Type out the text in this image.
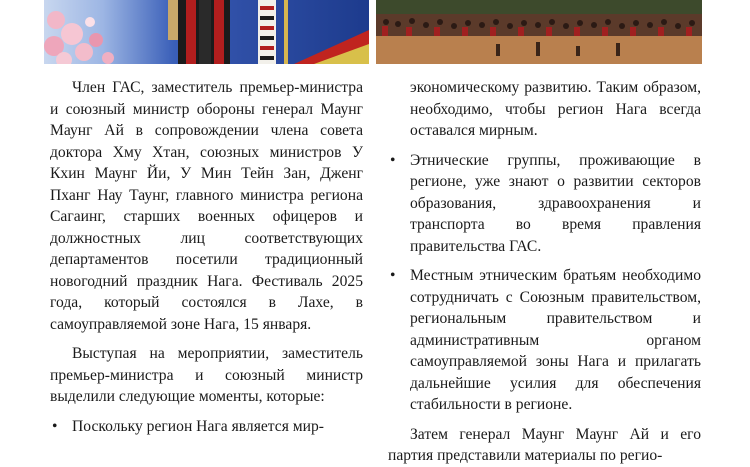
Член ГАС, заместитель премьер-министра и союзный министр обороны генерал Маунг Маунг Ай в сопровождении члена совета доктора Хму Хтан, союзных министров У Кхин Маунг Йи, У Мин Тейн Зан, Дженг Пханг Нау Таунг, главного министра региона Сагаинг, старших военных офицеров и должностных лиц соответствующих департаментов посетили традиционный новогодний праздник Нага. Фестиваль 2025 года, который состоялся в Лахе, в самоуправляемой зоне Нага, 15 января.

Выступая на мероприятии, заместитель премьер-министра и союзный министр выделили следующие моменты, которые:

• Поскольку регион Нага является мир-

экономическому развитию. Таким образом, необходимо, чтобы регион Нага всегда оставался мирным.

• Этнические группы, проживающие в регионе, уже знают о развитии секторов образования, здравоохранения и транспорта во время правления правительства ГАС.
• Местным этническим братьям необходимо сотрудничать с Союзным правительством, региональным правительством и административным органом самоуправляемой зоны Нага и прилагать дальнейшие усилия для обеспечения стабильности в регионе.

Затем генерал Маунг Маунг Ай и его партия представили материалы по регио-
